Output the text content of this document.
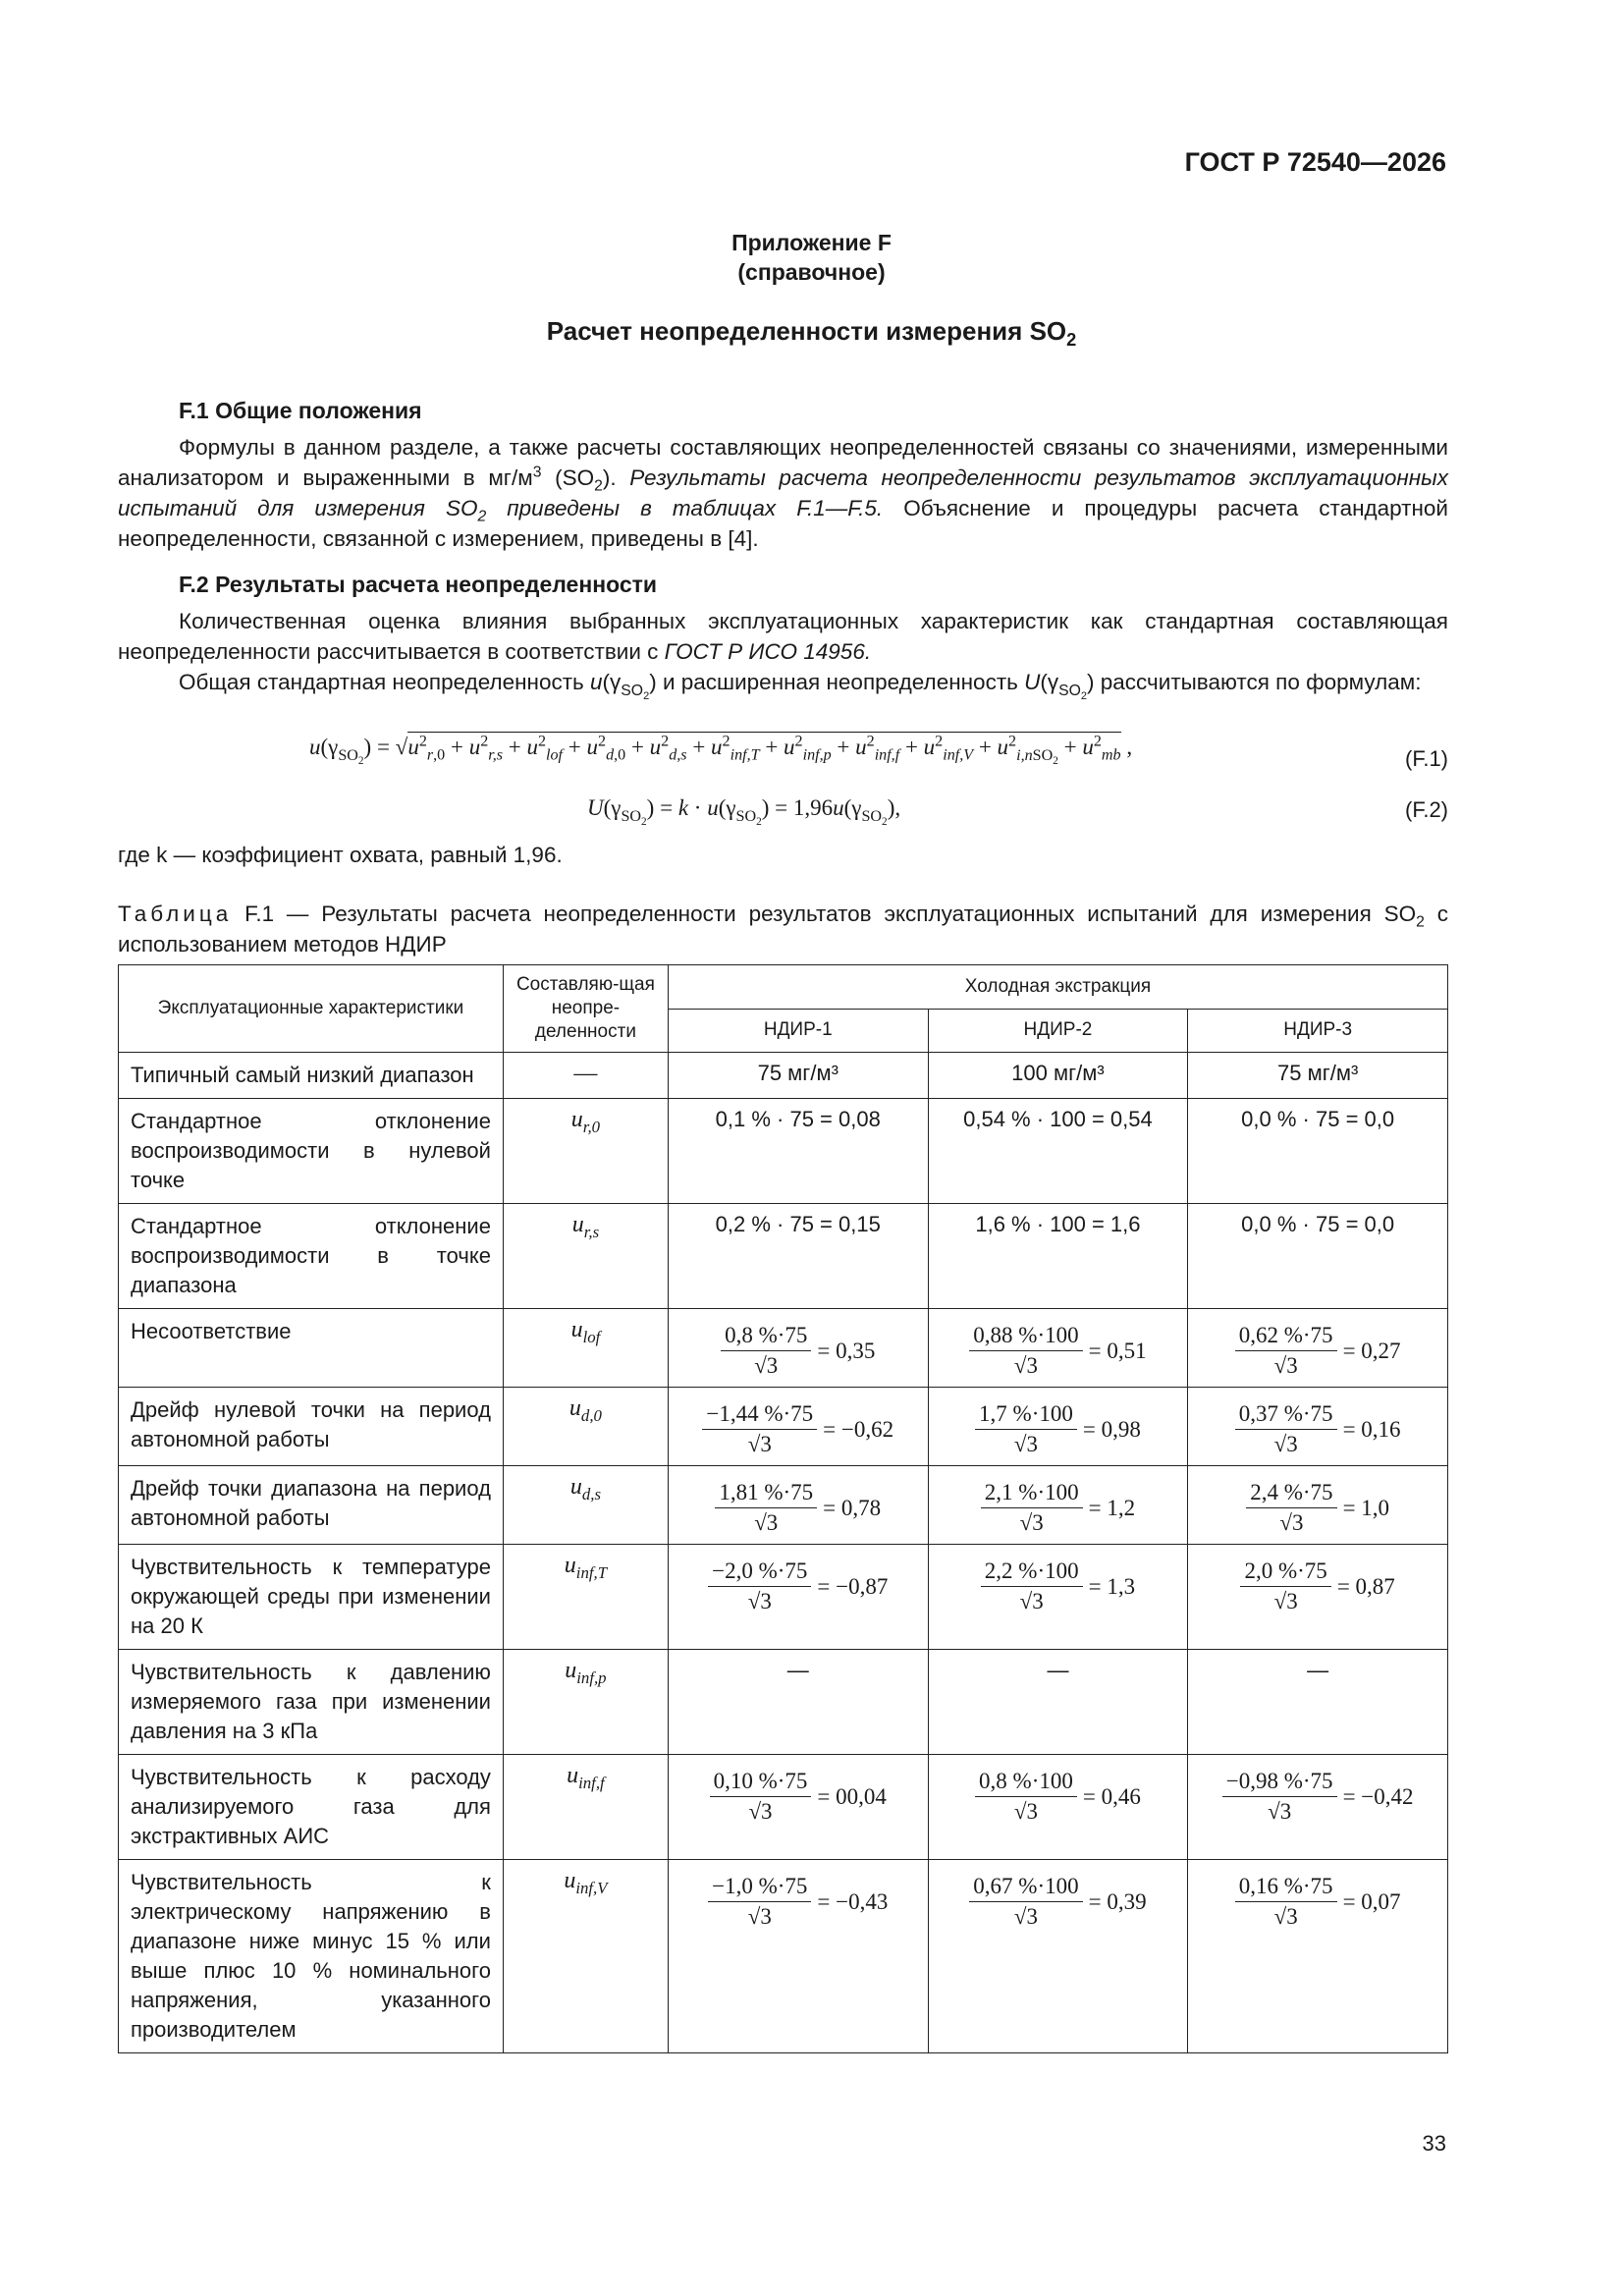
ГОСТ Р 72540—2026
Приложение F
(справочное)
Расчет неопределенности измерения $SO_2$
F.1 Общие положения
Формулы в данном разделе, а также расчеты составляющих неопределенностей связаны со значениями, измеренными анализатором и выраженными в $мг/м^3$ $(SO_2)$. Результаты расчета неопределенности результатов эксплуатационных испытаний для измерения $SO_2$ приведены в таблицах F.1—F.5. Объяснение и процедуры расчета стандартной неопределенности, связанной с измерением, приведены в [4].
F.2 Результаты расчета неопределенности
Количественная оценка влияния выбранных эксплуатационных характеристик как стандартная составляющая неопределенности рассчитывается в соответствии с ГОСТ Р ИСО 14956.
Общая стандартная неопределенность $u(\gamma_{SO_2})$ и расширенная неопределенность $U(\gamma_{SO_2})$ рассчитываются по формулам:
$u(\gamma_{SO_2}) = √u^2_{r,0} + u^2_{r,s} + u^2_{lof} + u^2_{d,0} + u^2_{d,s} + u^2_{inf,T} + u^2_{inf,p} + u^2_{inf,f} + u^2_{inf,V} + u^2_{i,nSO_2} + u^2_{mb}$ ,	(F.1)
$U(\gamma_{SO_2}) = k \cdot u(\gamma_{SO_2}) = 1,96u(\gamma_{SO_2})$,	(F.2)
где k — коэффициент охвата, равный 1,96.
Таблица F.1 — Результаты расчета неопределенности результатов эксплуатационных испытаний для измерения $SO_2$ с использованием методов НДИР
Эксплуатационные характеристики	Составляю-щая неопре-деленности	Холодная экстракция		
		НДИР-1	НДИР-2	НДИР-3
Типичный самый низкий диапазон	—	75 мг/м³	100 мг/м³	75 мг/м³
Стандартное отклонение воспроизводимости в нулевой точке	$u_{r,0}$	0,1 % · 75 = 0,08	0,54 % · 100 = 0,54	0,0 % · 75 = 0,0
Стандартное отклонение воспроизводимости в точке диапазона	$u_{r,s}$	0,2 % · 75 = 0,15	1,6 % · 100 = 1,6	0,0 % · 75 = 0,0
Несоответствие	$u_{lof}$	$\frac{0,8 \%\cdot 75}{√3} = 0,35$	$\frac{0,88 \%\cdot 100}{√3} = 0,51$	$\frac{0,62 \%\cdot 75}{√3} = 0,27$

Дрейф нулевой точки на период автономной работы	$u_{d,0}$	$\frac{-1,44 \%\cdot 75}{√3} = -0,62$	$\frac{1,7 \%\cdot 100}{√3} = 0,98$	$\frac{0,37 \%\cdot 75}{√3} = 0,16$

Дрейф точки диапазона на период автономной работы	$u_{d,s}$	$\frac{1,81 \%\cdot 75}{√3} = 0,78$	$\frac{2,1 \%\cdot 100}{√3} = 1,2$	$\frac{2,4 \%\cdot 75}{√3} = 1,0$

Чувствительность к температуре окружающей среды при изменении на 20 К	$u_{inf,T}$	$\frac{-2,0 \%\cdot 75}{√3} = -0,87$	$\frac{2,2 \%\cdot 100}{√3} = 1,3$	$\frac{2,0 \%\cdot 75}{√3} = 0,87$

Чувствительность к давлению измеряемого газа при изменении давления на 3 кПа	$u_{inf,p}$	—	—	—
Чувствительность к расходу анализируемого газа для экстрактивных АИС	$u_{inf,f}$	$\frac{0,10 \%\cdot 75}{√3} = 00,04$	$\frac{0,8 \%\cdot 100}{√3} = 0,46$	$\frac{-0,98 \%\cdot 75}{√3} = -0,42$

Чувствительность к электрическому напряжению в диапазоне ниже минус 15 % или выше плюс 10 % номинального напряжения, указанного производителем	$u_{inf,V}$	$\frac{-1,0 \%\cdot 75}{√3} = -0,43$	$\frac{0,67 \%\cdot 100}{√3} = 0,39$	$\frac{0,16 \%\cdot 75}{√3} = 0,07$
33
